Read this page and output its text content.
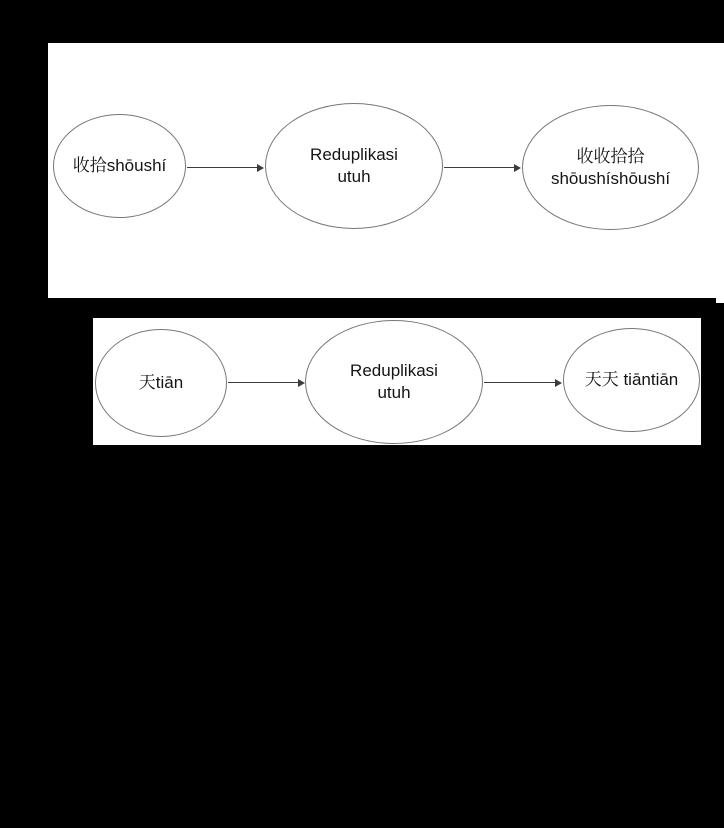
收拾shōushí
Reduplikasi
utuh
收收拾拾
shōushíshōushí
天tiān
Reduplikasi
utuh
天天 tiāntiān
